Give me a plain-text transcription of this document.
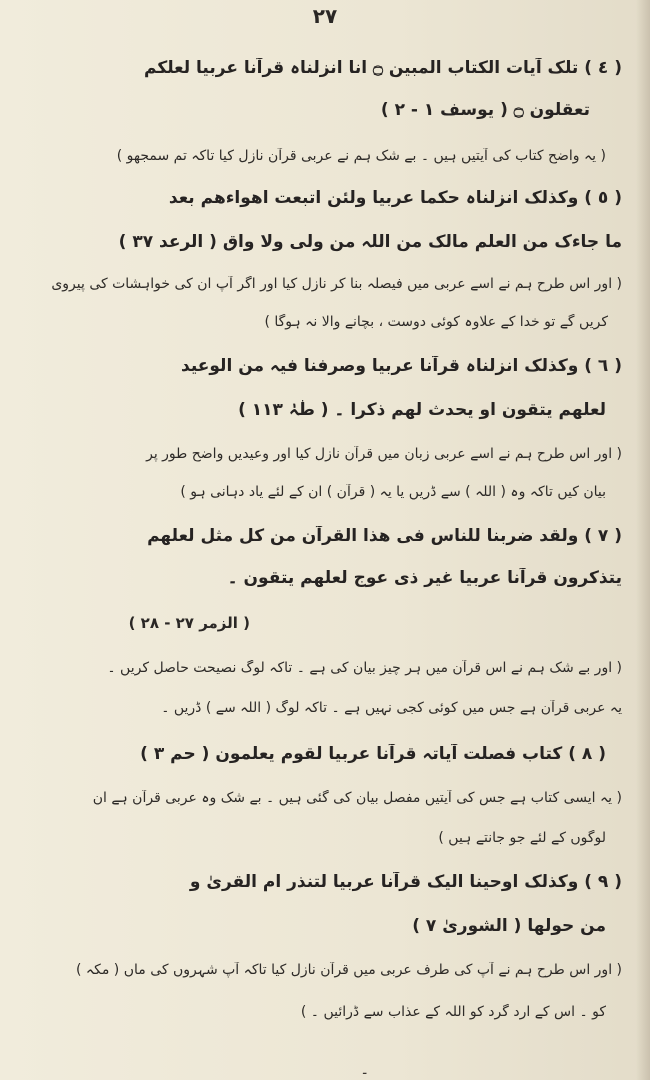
٢٧
( ٤ ) تلک آیات الکتاب المبین ۝ انا انزلناہ قرآنا عربیا لعلکم
تعقلون ۝ ( یوسف ١ - ٢ )
( یہ واضح کتاب کی آیتیں ہیں ۔ بے شک ہم نے عربی قرآن نازل کیا تاکہ تم سمجھو )
( ٥ ) وکذلک انزلناہ حکما عربیا ولئن اتبعت اھواءھم بعد
ما جاءک من العلم مالک من اللہ من ولی ولا واق ( الرعد ٣٧ )
( اور اس طرح ہم نے اسے عربی میں فیصلہ بنا کر نازل کیا اور اگر آپ ان کی خواہشات کی پیروی
کریں گے تو خدا کے علاوہ کوئی دوست ، بچانے والا نہ ہوگا )
( ٦ ) وکذلک انزلناہ قرآنا عربیا وصرفنا فیہ من الوعید
لعلھم یتقون او یحدث لھم ذکرا ۔ ( طٰہٰ ١١٣ )
( اور اس طرح ہم نے اسے عربی زبان میں قرآن نازل کیا اور وعیدیں واضح طور پر
بیان کیں تاکہ وہ ( اللہ ) سے ڈریں یا یہ ( قرآن ) ان کے لئے یاد دہانی ہو )
( ٧ ) ولقد ضربنا للناس فی ھذا القرآن من کل مثل لعلھم
یتذکرون قرآنا عربیا غیر ذی عوج لعلھم یتقون ۔
( الزمر ٢٧ - ٢٨ )
( اور بے شک ہم نے اس قرآن میں ہر چیز بیان کی ہے ۔ تاکہ لوگ نصیحت حاصل کریں ۔
یہ عربی قرآن ہے جس میں کوئی کجی نہیں ہے ۔ تاکہ لوگ ( اللہ سے ) ڈریں ۔
( ٨ ) کتاب فصلت آیاتہ قرآنا عربیا لقوم یعلمون ( حم ٣ )
( یہ ایسی کتاب ہے جس کی آیتیں مفصل بیان کی گئی ہیں ۔ بے شک وہ عربی قرآن ہے ان
لوگوں کے لئے جو جانتے ہیں )
( ٩ ) وکذلک اوحینا الیک قرآنا عربیا لتنذر ام القریٰ و
من حولھا ( الشوریٰ ٧ )
( اور اس طرح ہم نے آپ کی طرف عربی میں قرآن نازل کیا تاکہ آپ شہروں کی ماں ( مکہ )
کو ۔ اس کے ارد گرد کو اللہ کے عذاب سے ڈرائیں ۔ )
۔
